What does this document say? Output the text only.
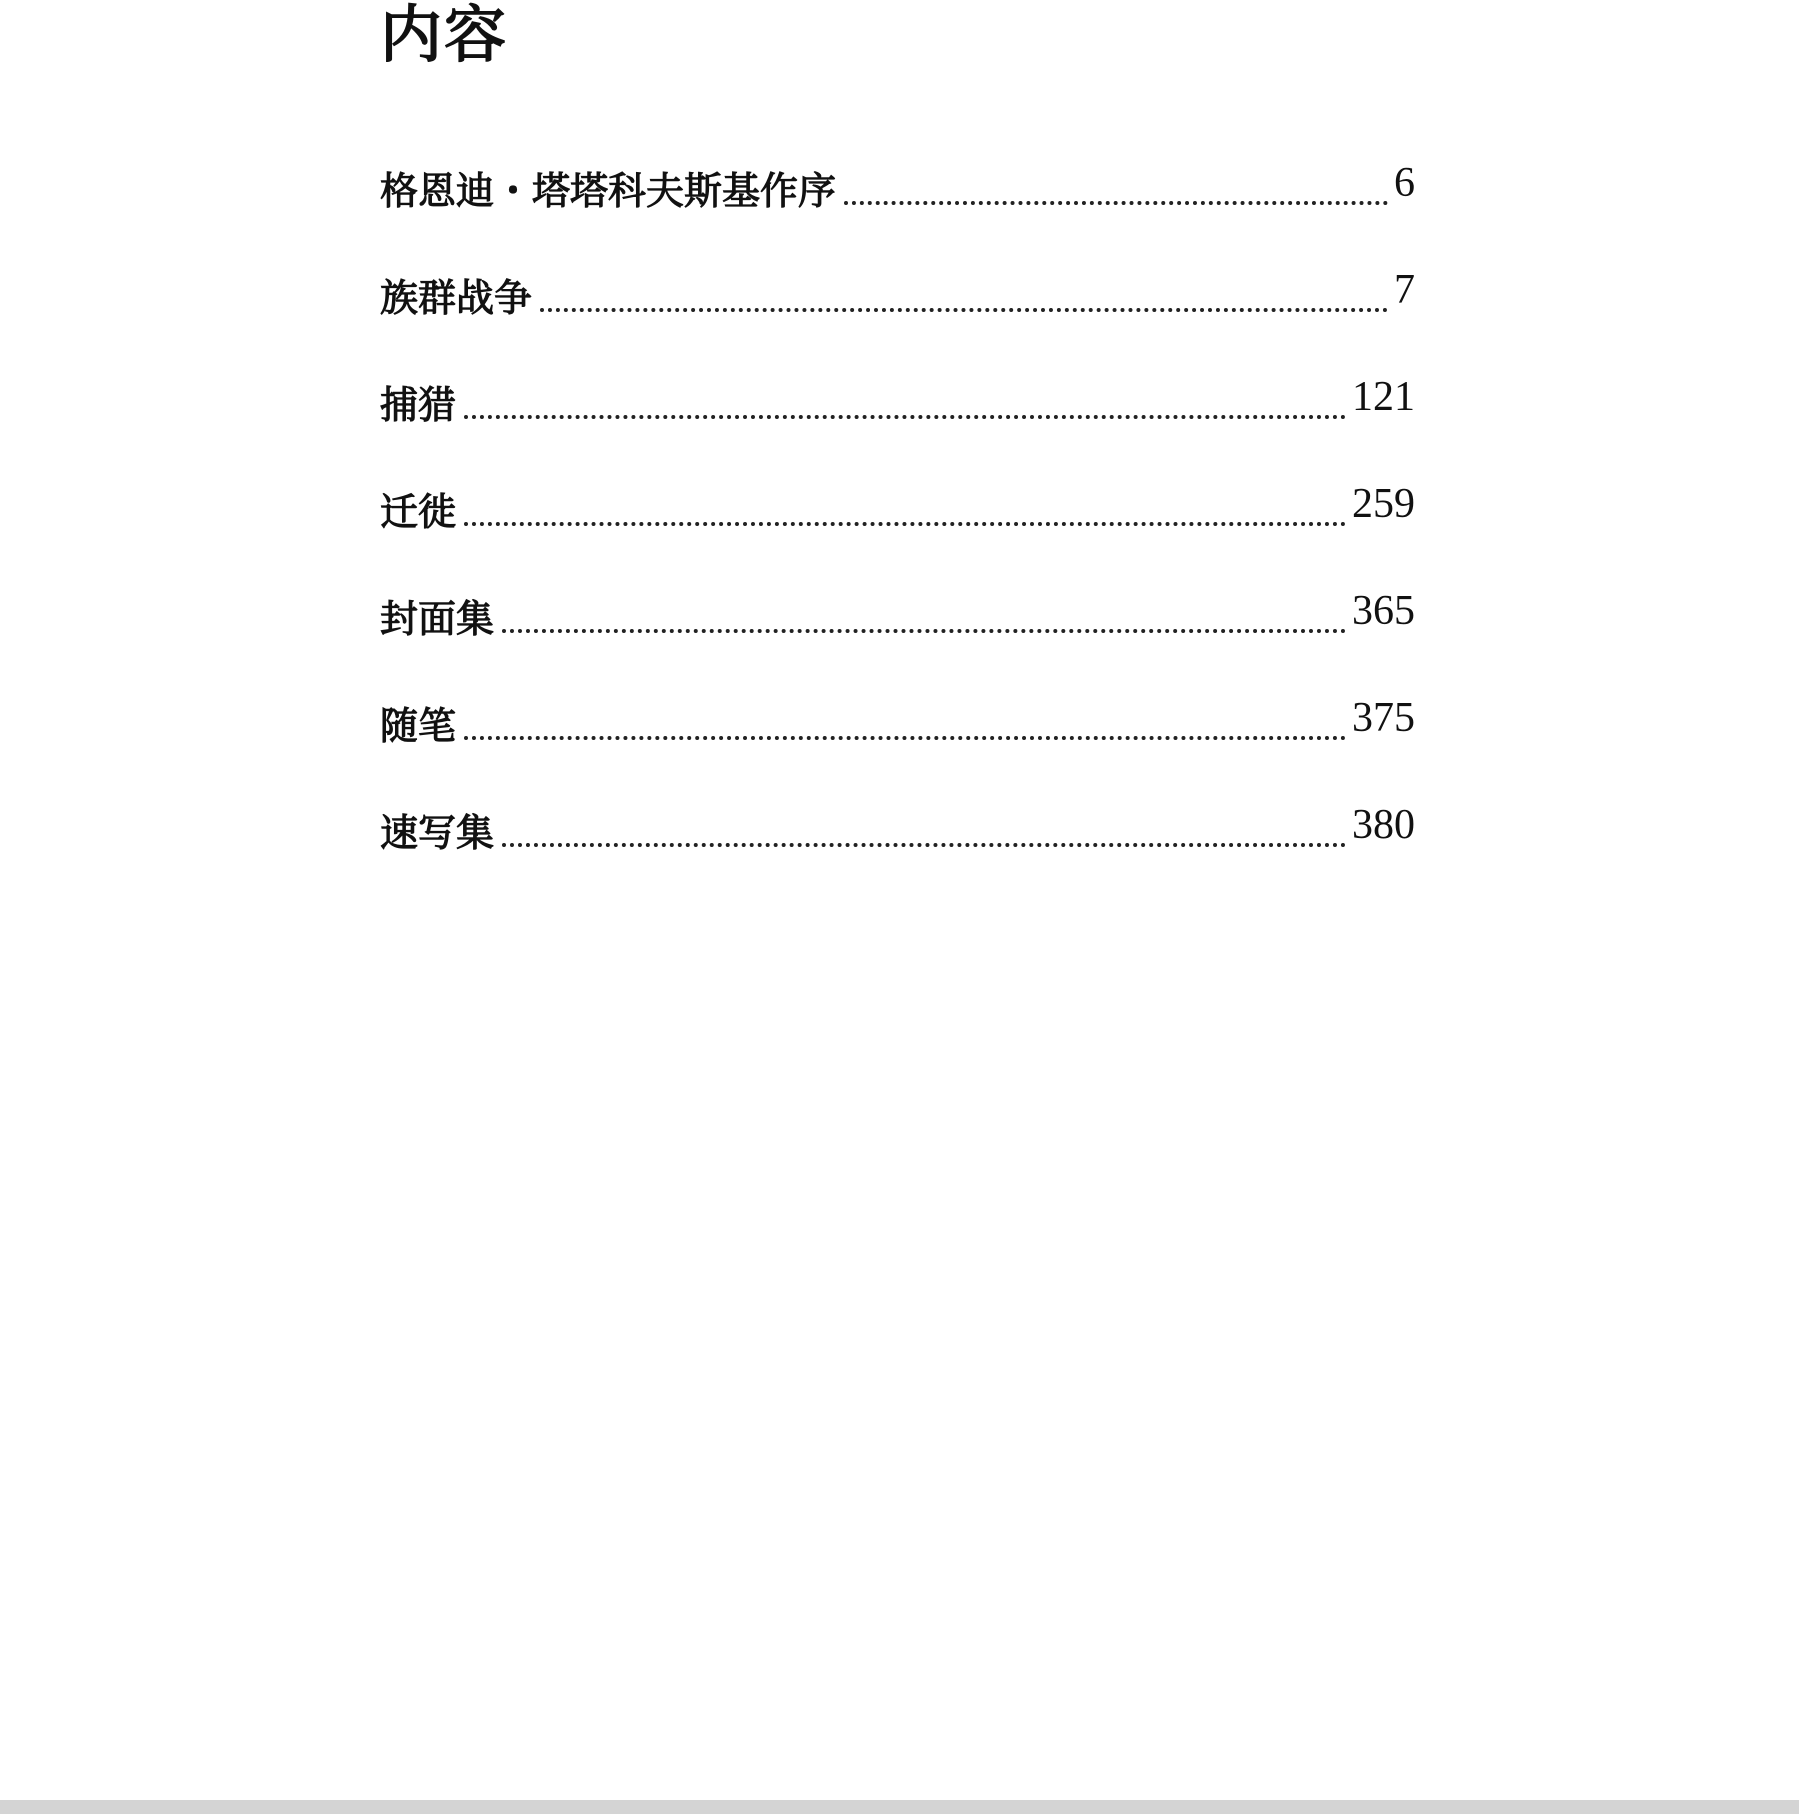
内容
格恩迪・塔塔科夫斯基作序	6
族群战争	7
捕猎	121
迁徙	259
封面集	365
随笔	375
速写集	380
